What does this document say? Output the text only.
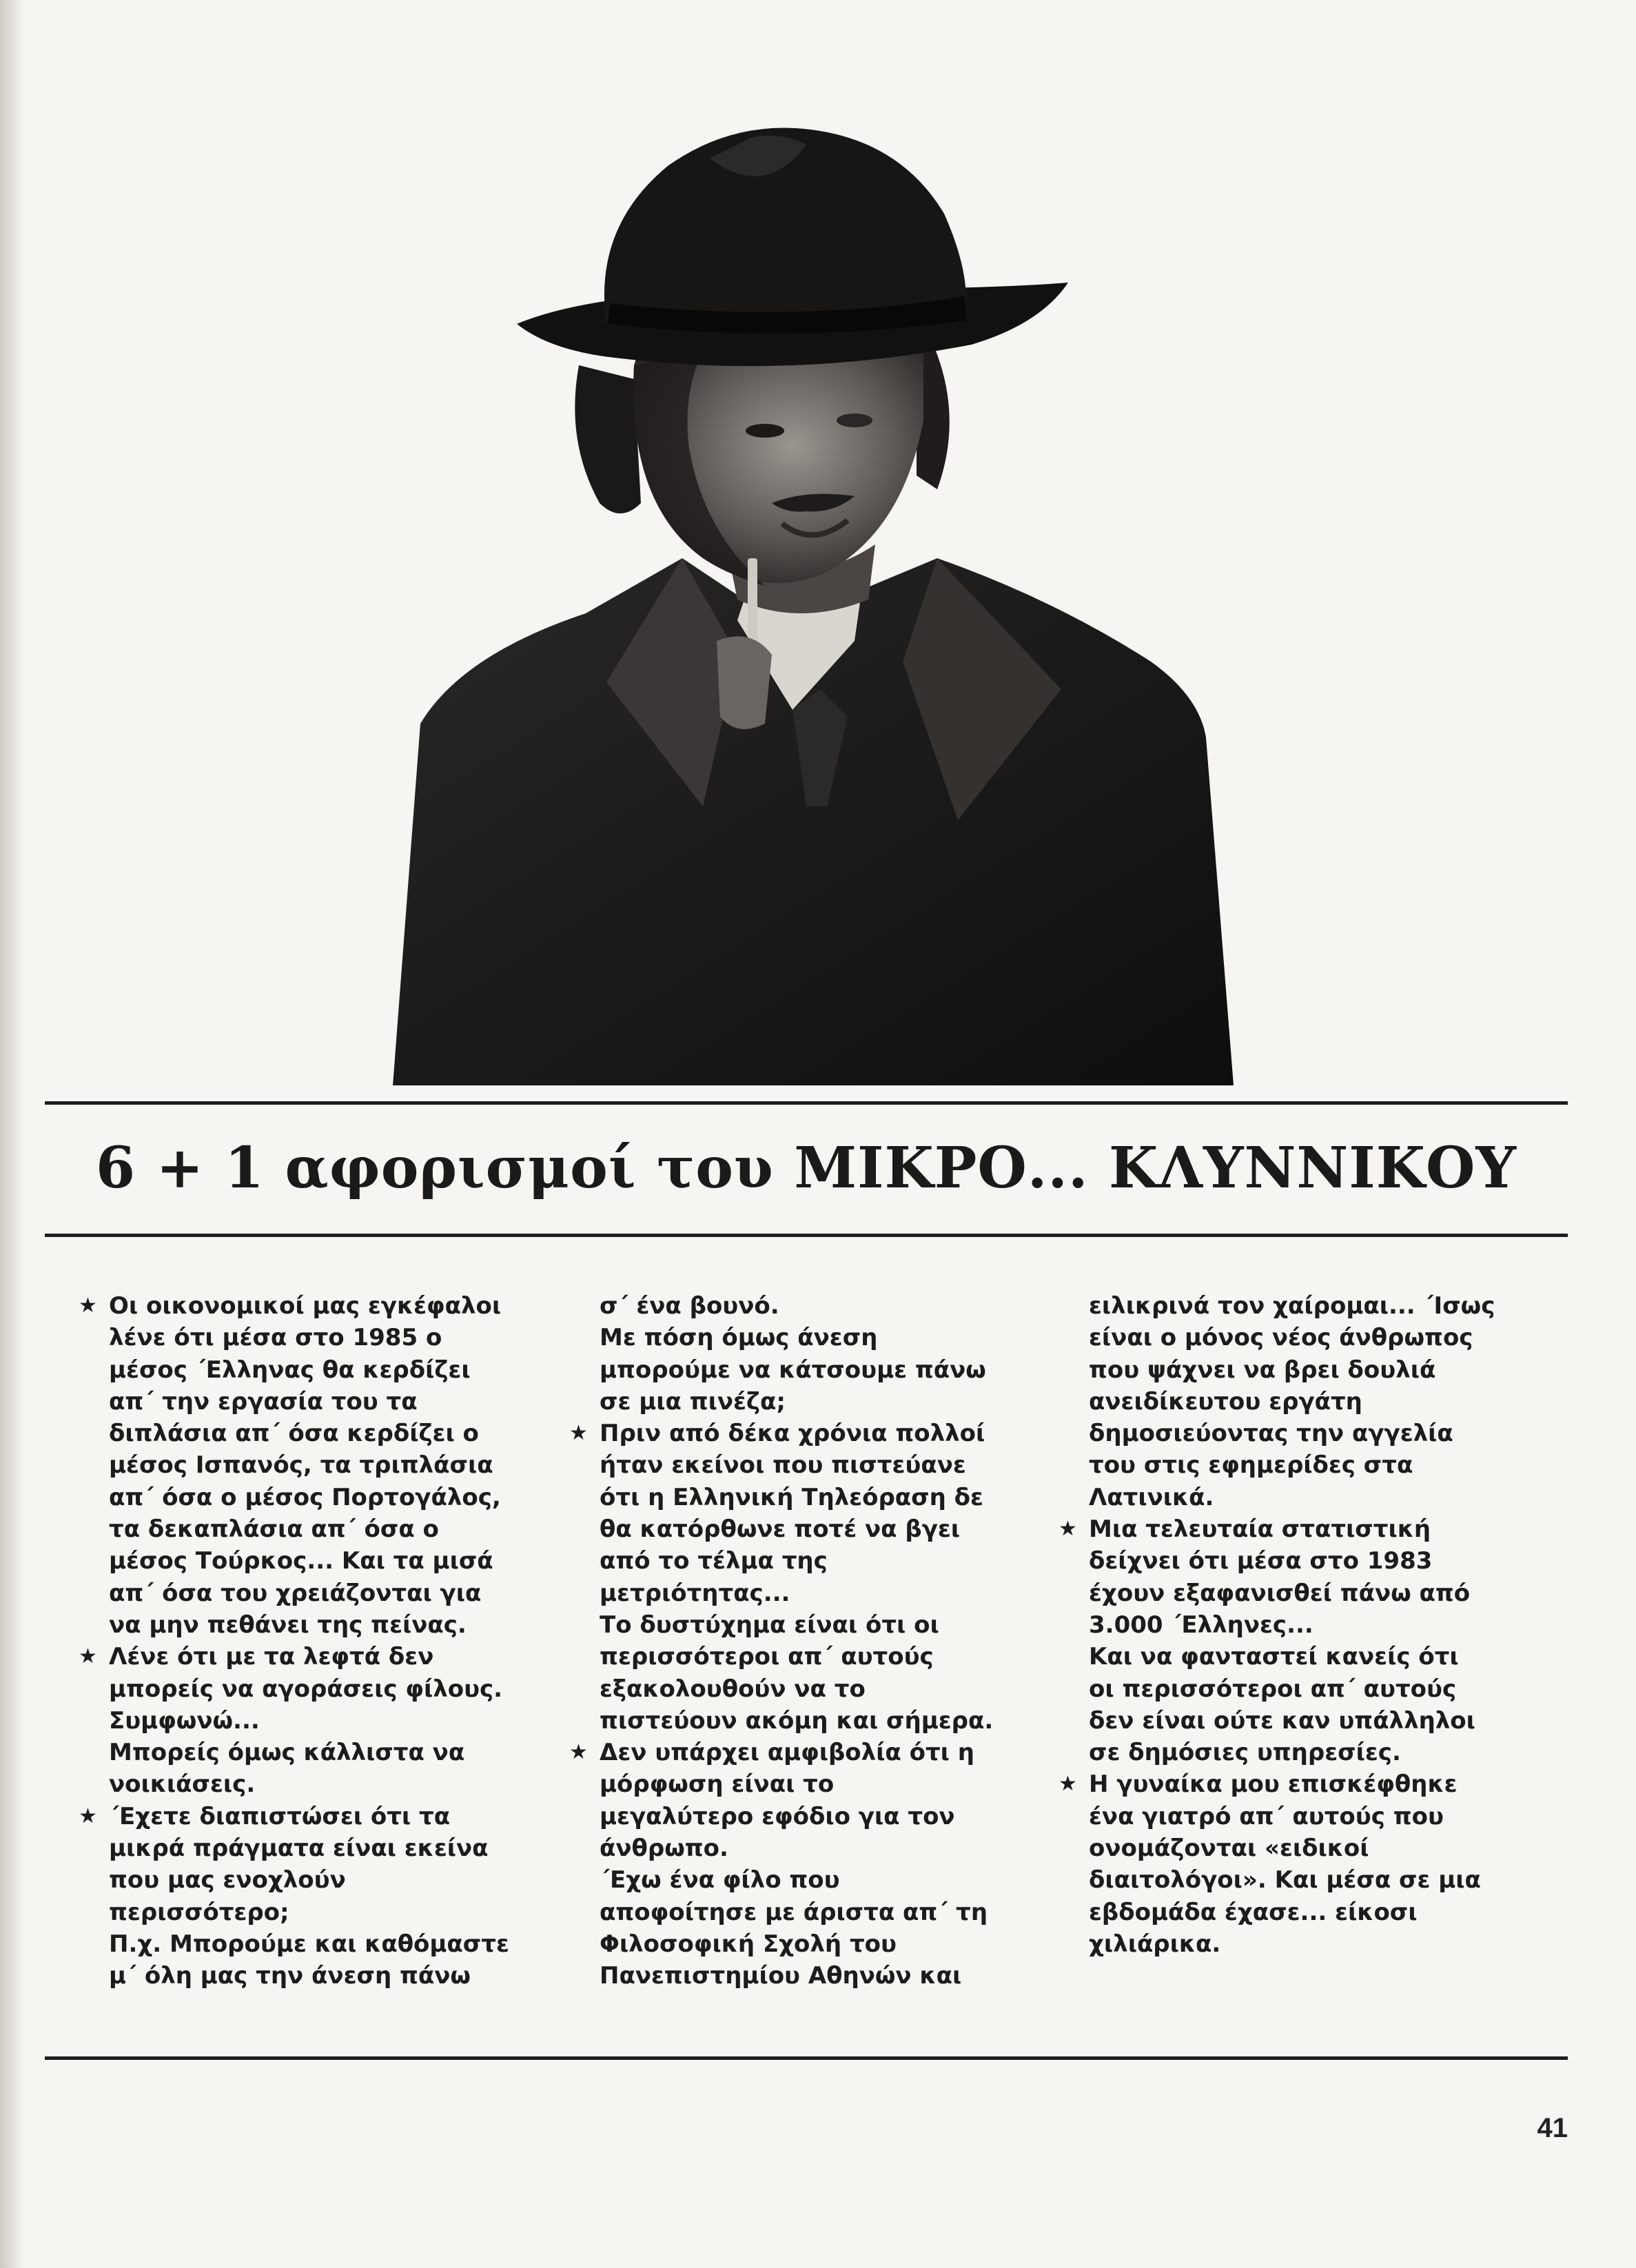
6 + 1 αφορισμοί του ΜΙΚΡΟ... ΚΛΥΝΝΙΚΟΥ
★ Οι οικονομικοί μας εγκέφαλοι
λένε ότι μέσα στο 1985 ο
μέσος ΄Ελληνας θα κερδίζει
απ΄ την εργασία του τα
διπλάσια απ΄ όσα κερδίζει ο
μέσος Ισπανός, τα τριπλάσια
απ΄ όσα ο μέσος Πορτογάλος,
τα δεκαπλάσια απ΄ όσα ο
μέσος Τούρκος... Και τα μισά
απ΄ όσα του χρειάζονται για
να μην πεθάνει της πείνας.
★ Λένε ότι με τα λεφτά δεν
μπορείς να αγοράσεις φίλους.
Συμφωνώ...
Μπορείς όμως κάλλιστα να
νοικιάσεις.
★ ΄Εχετε διαπιστώσει ότι τα
μικρά πράγματα είναι εκείνα
που μας ενοχλούν
περισσότερο;
Π.χ. Μπορούμε και καθόμαστε
μ΄ όλη μας την άνεση πάνω
σ΄ ένα βουνό.
Με πόση όμως άνεση
μπορούμε να κάτσουμε πάνω
σε μια πινέζα;
★ Πριν από δέκα χρόνια πολλοί
ήταν εκείνοι που πιστεύανε
ότι η Ελληνική Τηλεόραση δε
θα κατόρθωνε ποτέ να βγει
από το τέλμα της
μετριότητας...
Το δυστύχημα είναι ότι οι
περισσότεροι απ΄ αυτούς
εξακολουθούν να το
πιστεύουν ακόμη και σήμερα.
★ Δεν υπάρχει αμφιβολία ότι η
μόρφωση είναι το
μεγαλύτερο εφόδιο για τον
άνθρωπο.
΄Εχω ένα φίλο που
αποφοίτησε με άριστα απ΄ τη
Φιλοσοφική Σχολή του
Πανεπιστημίου Αθηνών και
ειλικρινά τον χαίρομαι... ΄Ισως
είναι ο μόνος νέος άνθρωπος
που ψάχνει να βρει δουλιά
ανειδίκευτου εργάτη
δημοσιεύοντας την αγγελία
του στις εφημερίδες στα
Λατινικά.
★ Μια τελευταία στατιστική
δείχνει ότι μέσα στο 1983
έχουν εξαφανισθεί πάνω από
3.000 ΄Ελληνες...
Και να φανταστεί κανείς ότι
οι περισσότεροι απ΄ αυτούς
δεν είναι ούτε καν υπάλληλοι
σε δημόσιες υπηρεσίες.
★ Η γυναίκα μου επισκέφθηκε
ένα γιατρό απ΄ αυτούς που
ονομάζονται «ειδικοί
διαιτολόγοι». Και μέσα σε μια
εβδομάδα έχασε... είκοσι
χιλιάρικα.
41
